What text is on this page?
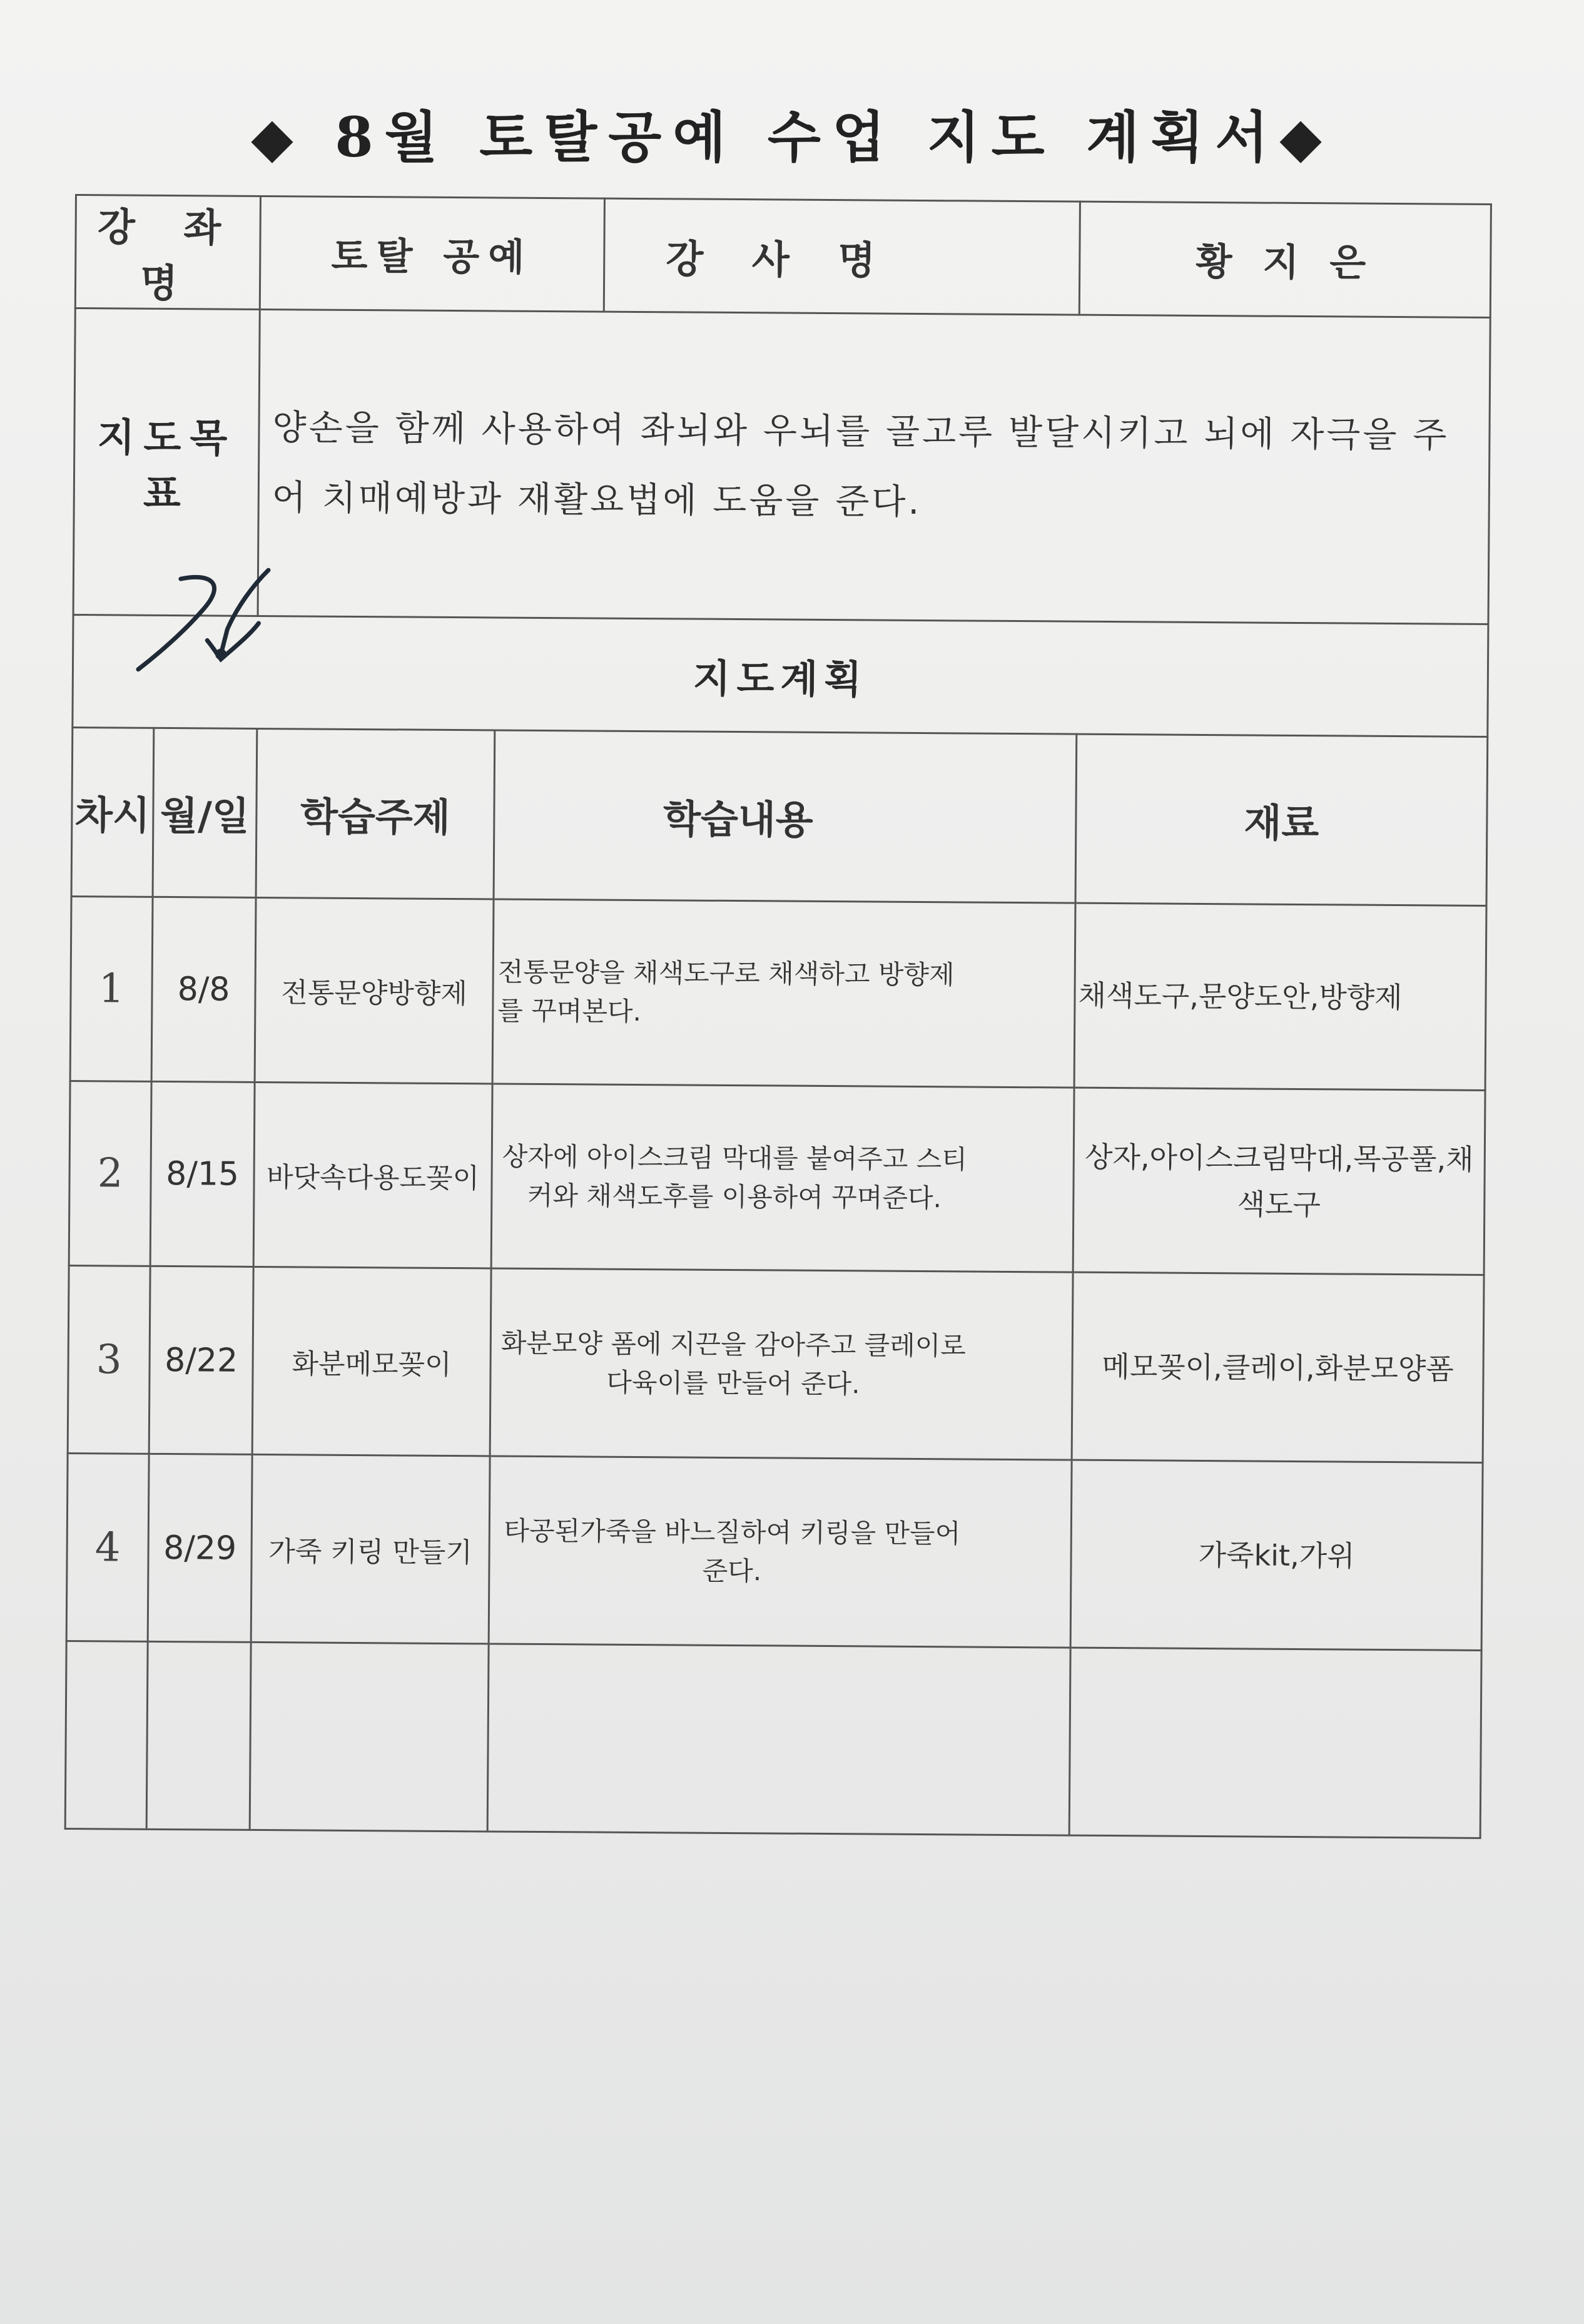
◆ 8월 토탈공예 수업 지도 계획서◆
강 좌 명		토탈 공예		강 사 명	황 지 은
지도목표		양손을 함께 사용하여 좌뇌와 우뇌를 골고루 발달시키고 뇌에 자극을 주어 치매예방과 재활요법에 도움을 준다.			

지도계획					
차시	월/일	학습주제	학습내용		재료
1	8/8	전통문양방향제	전통문양을 채색도구로 채색하고 방향제를 꾸며본다.		채색도구,문양도안,방향제
2	8/15	바닷속다용도꽂이	상자에 아이스크림 막대를 붙여주고 스티커와 채색도후를 이용하여 꾸며준다.		상자,아이스크림막대,목공풀,채색도구
3	8/22	화분메모꽂이	화분모양 폼에 지끈을 감아주고 클레이로 다육이를 만들어 준다.		메모꽂이,클레이,화분모양폼
4	8/29	가죽 키링 만들기	타공된가죽을 바느질하여 키링을 만들어 준다.		가죽kit,가위
